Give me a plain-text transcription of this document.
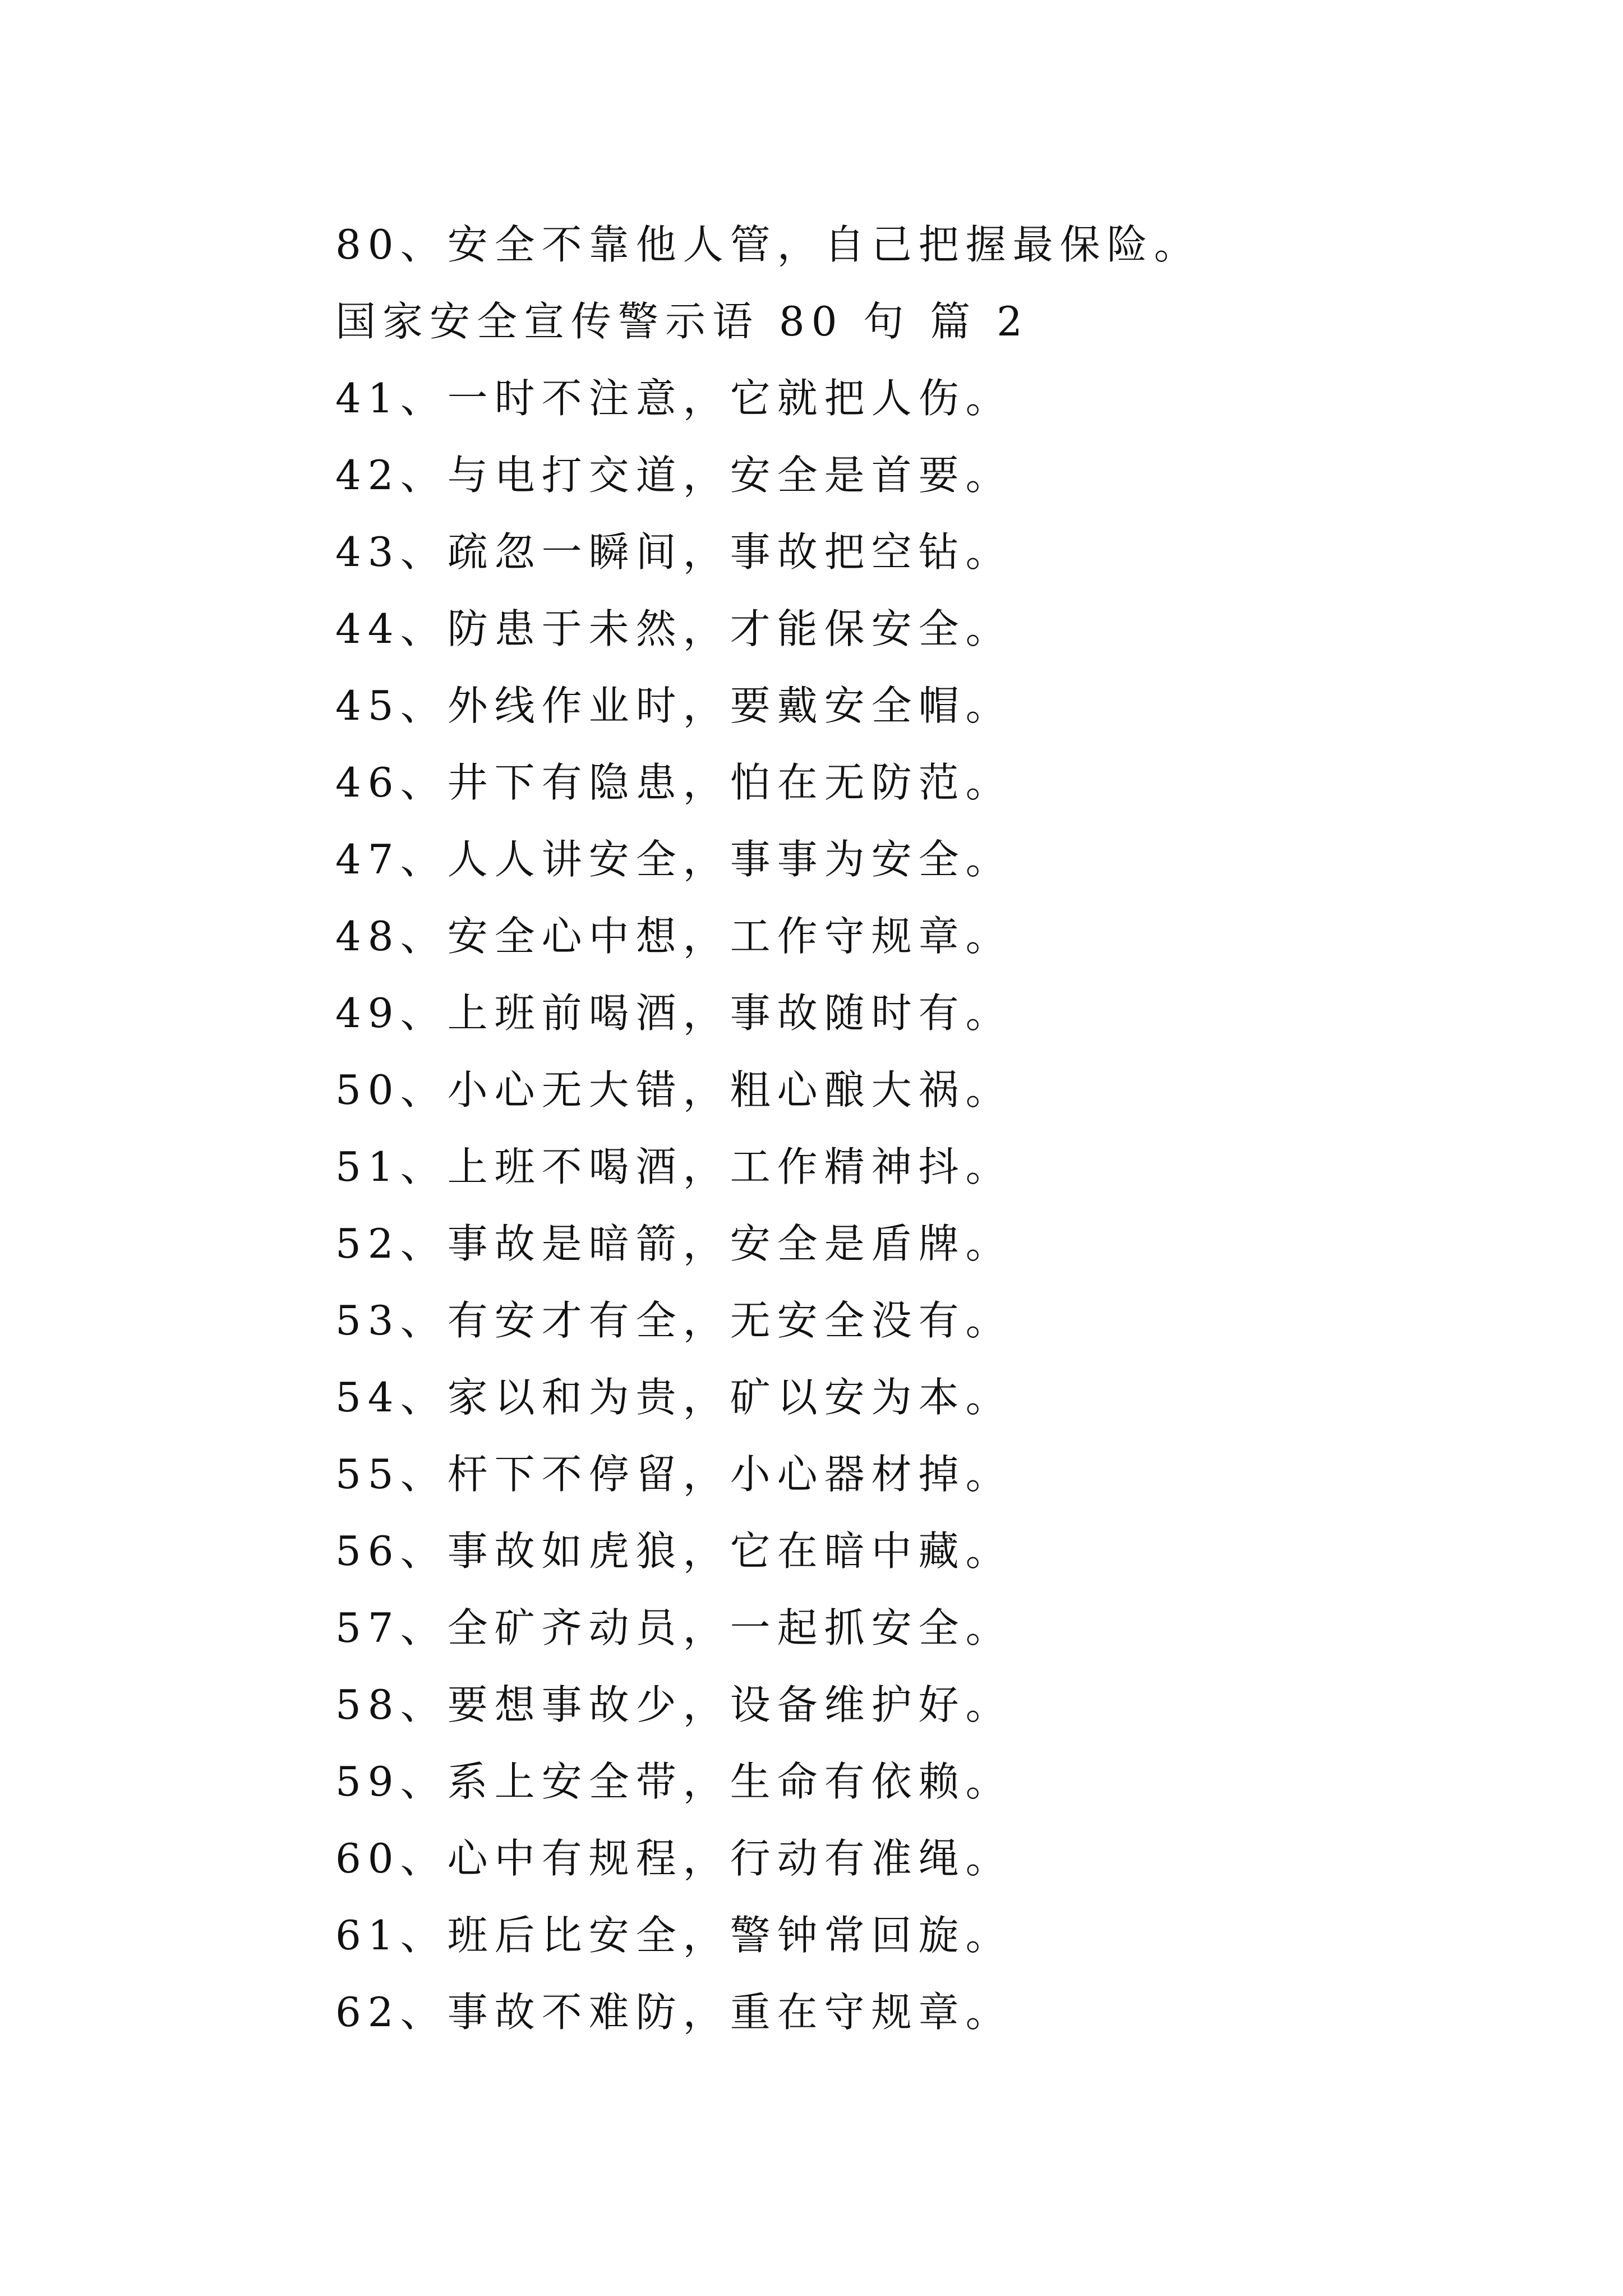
80、安全不靠他人管，自己把握最保险。
国家安全宣传警示语 80 句 篇 2
41、一时不注意，它就把人伤。
42、与电打交道，安全是首要。
43、疏忽一瞬间，事故把空钻。
44、防患于未然，才能保安全。
45、外线作业时，要戴安全帽。
46、井下有隐患，怕在无防范。
47、人人讲安全，事事为安全。
48、安全心中想，工作守规章。
49、上班前喝酒，事故随时有。
50、小心无大错，粗心酿大祸。
51、上班不喝酒，工作精神抖。
52、事故是暗箭，安全是盾牌。
53、有安才有全，无安全没有。
54、家以和为贵，矿以安为本。
55、杆下不停留，小心器材掉。
56、事故如虎狼，它在暗中藏。
57、全矿齐动员，一起抓安全。
58、要想事故少，设备维护好。
59、系上安全带，生命有依赖。
60、心中有规程，行动有准绳。
61、班后比安全，警钟常回旋。
62、事故不难防，重在守规章。
